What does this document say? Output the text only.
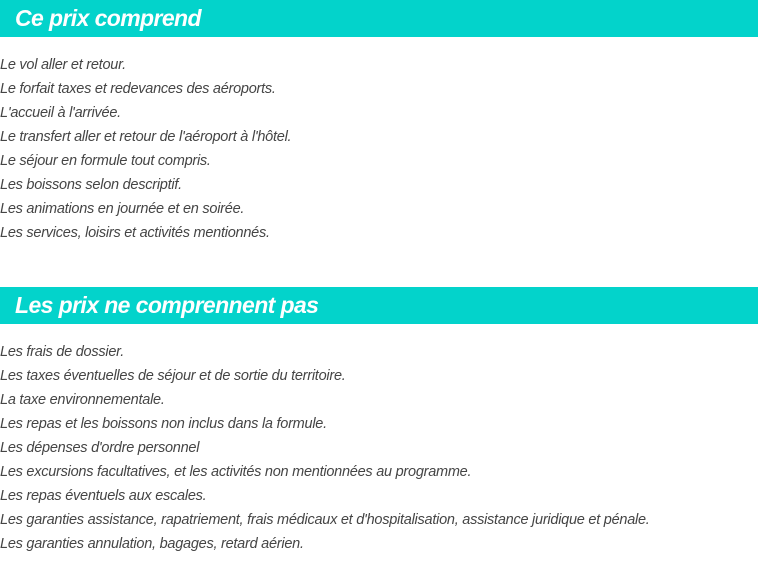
Ce prix comprend
Le vol aller et retour.
Le forfait taxes et redevances des aéroports.
L'accueil à l'arrivée.
Le transfert aller et retour de l'aéroport à l'hôtel.
Le séjour en formule tout compris.
Les boissons selon descriptif.
Les animations en journée et en soirée.
Les services, loisirs et activités mentionnés.
Les prix ne comprennent pas
Les frais de dossier.
Les taxes éventuelles de séjour et de sortie du territoire.
La taxe environnementale.
Les repas et les boissons non inclus dans la formule.
Les dépenses d'ordre personnel
Les excursions facultatives, et les activités non mentionnées au programme.
Les repas éventuels aux escales.
Les garanties assistance, rapatriement, frais médicaux et d'hospitalisation, assistance juridique et pénale.
Les garanties annulation, bagages, retard aérien.
